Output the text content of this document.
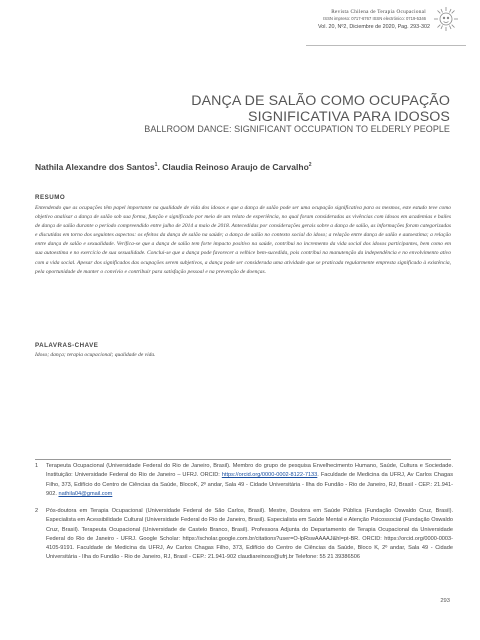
Revista Chilena de Terapia Ocupacional
ISSN impreso: 0717-6767 ISSN electrónico: 0719-5346
Vol. 20, Nº2, Diciembre de 2020, Pag. 293-302
DANÇA DE SALÃO COMO OCUPAÇÃO
SIGNIFICATIVA PARA IDOSOS
BALLROOM DANCE: SIGNIFICANT OCCUPATION TO ELDERLY PEOPLE
Nathila Alexandre dos Santos$^1$. Claudia Reinoso Araujo de Carvalho$^2$
RESUMO
Entendendo que as ocupações têm papel importante na qualidade de vida dos idosos e que a dança de salão pode ser uma ocupação significativa para os mesmos, este estudo teve como objetivo analisar a dança de salão sob sua forma, função e significado por meio de um relato de experiência, no qual foram consideradas as vivências com idosos em academias e bailes de dança de salão durante o período compreendido entre julho de 2014 a maio de 2018. Antecedidas por considerações gerais sobre a dança de salão, as informações foram categorizadas e discutidas em torno dos seguintes aspectos: os efeitos da dança de salão na saúde; a dança de salão no contexto social do idoso; a relação entre dança de salão e autoestima; a relação entre dança de salão e sexualidade. Verifica-se que a dança de salão tem forte impacto positivo na saúde, contribui no incremento da vida social dos idosos participantes, bem como em sua autoestima e no exercício de sua sexualidade. Conclui-se que a dança pode favorecer a velhice bem-sucedida, pois contribui na manutenção da independência e no envolvimento ativo com a vida social. Apesar dos significados das ocupações serem subjetivos, a dança pode ser considerada uma atividade que se praticada regularmente empresta significado à existência, pela oportunidade de manter o convívio e contribuir para satisfação pessoal e na prevenção de doenças.
PALAVRAS-CHAVE
Idoso; dança; terapia ocupacional; qualidade de vida.
1 Terapeuta Ocupacional (Universidade Federal do Rio de Janeiro, Brasil). Membro do grupo de pesquisa Envelhecimento Humano, Saúde, Cultura e Sociedade. Instituição: Universidade Federal do Rio de Janeiro – UFRJ. ORCID: https://orcid.org/0000-0002-8122-7133. Faculdade de Medicina da UFRJ, Av Carlos Chagas Filho, 373, Edifício do Centro de Ciências da Saúde, BlocoK, 2º andar, Sala 49 - Cidade Universitária - Ilha do Fundão - Rio de Janeiro, RJ, Brasil - CEP.: 21.941-902. nathila04@gmail.com
2 Pós-doutora em Terapia Ocupacional (Universidade Federal de São Carlos, Brasil). Mestre, Doutora em Saúde Pública (Fundação Oswaldo Cruz, Brasil). Especialista em Acessibilidade Cultural (Universidade Federal do Rio de Janeiro, Brasil). Especialista em Saúde Mental e Atenção Psicossocial (Fundação Oswaldo Cruz, Brasil). Terapeuta Ocupacional (Universidade de Castelo Branco, Brasil). Professora Adjunta do Departamento de Terapia Ocupacional da Universidade Federal do Rio de Janeiro - UFRJ. Google Scholar: https://scholar.google.com.br/citations?user=O-lpRswAAAAJ&hl=pt-BR. ORCID: https://orcid.org/0000-0003-4105-9191. Faculdade de Medicina da UFRJ, Av Carlos Chagas Filho, 373, Edifício do Centro de Ciências da Saúde, Bloco K, 2º andar, Sala 49 - Cidade Universitária - Ilha do Fundão - Rio de Janeiro, RJ, Brasil - CEP.: 21.941-902 claudiareinoso@ufrj.br Telefone: 55 21 39386506
293
